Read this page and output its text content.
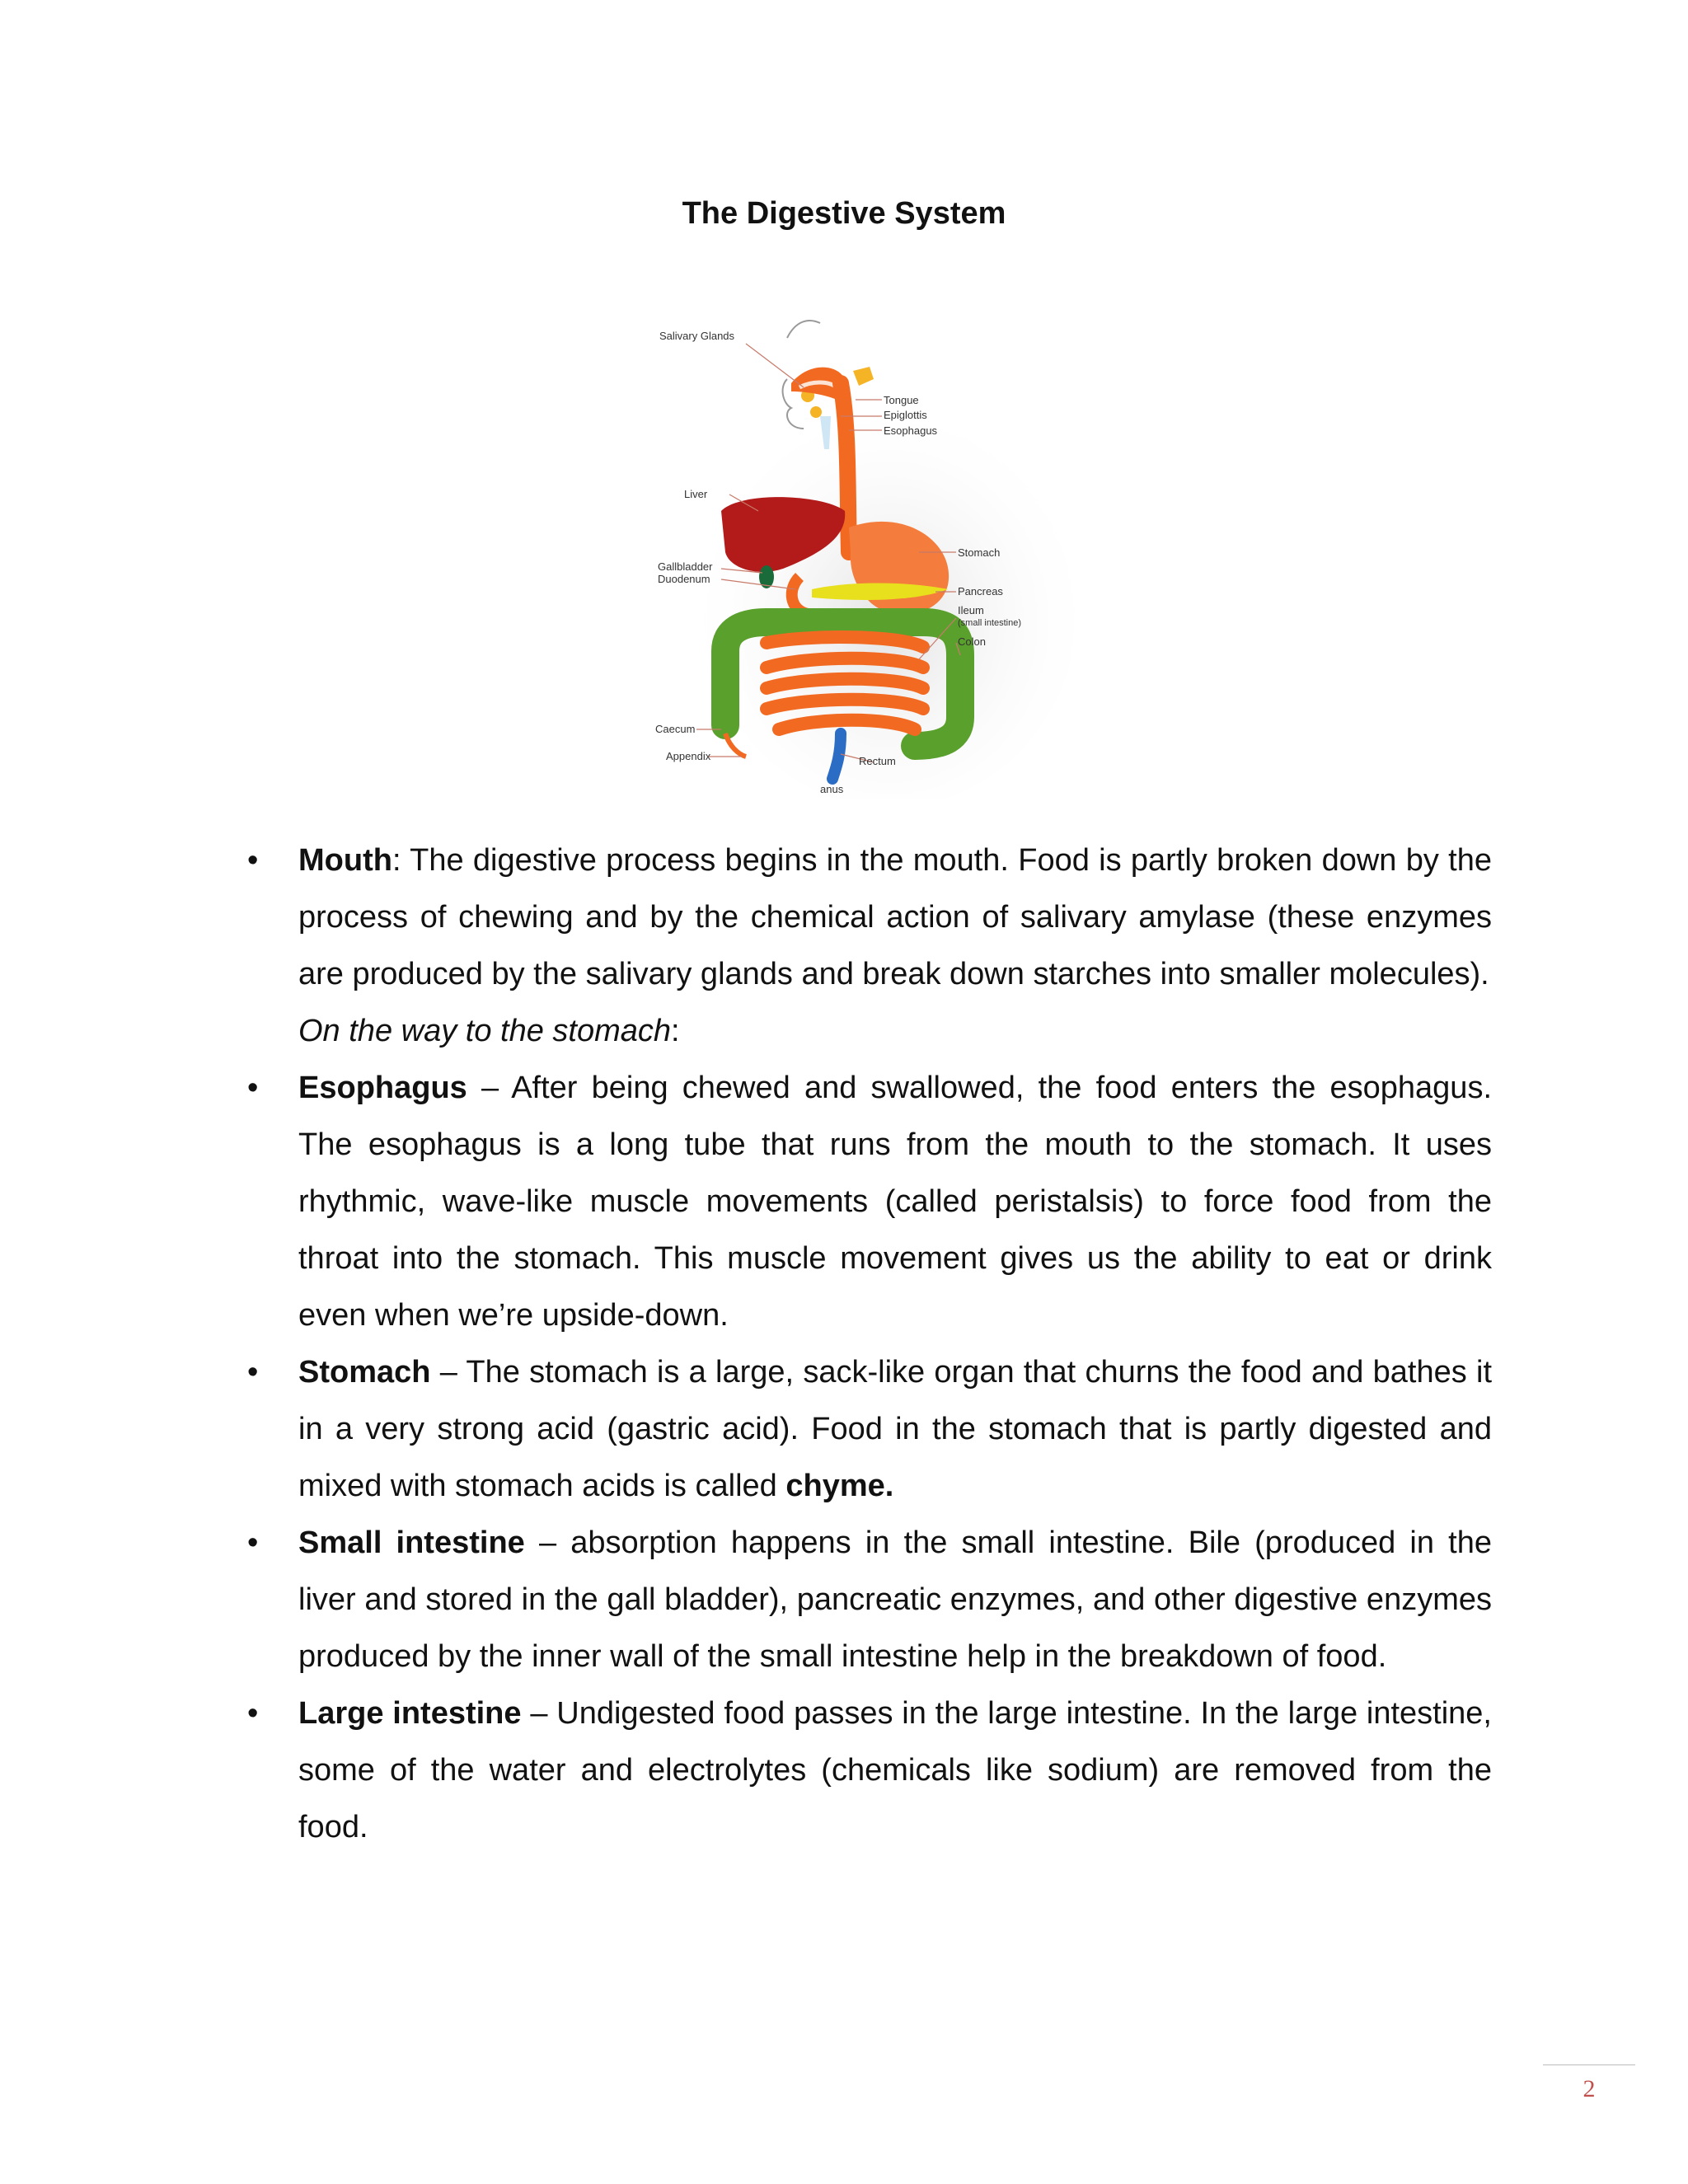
The Digestive System
Salivary Glands
Tongue
Epiglottis
Esophagus
Liver
Stomach
Gallbladder
Duodenum
Pancreas
Ileum
(small intestine)
Colon
Caecum
Appendix	Rectum
anus
• Mouth: The digestive process begins in the mouth. Food is partly broken down by the process of chewing and by the chemical action of salivary amylase (these enzymes are produced by the salivary glands and break down starches into smaller molecules).
On the way to the stomach:
• Esophagus – After being chewed and swallowed, the food enters the esophagus. The esophagus is a long tube that runs from the mouth to the stomach. It uses rhythmic, wave-like muscle movements (called peristalsis) to force food from the throat into the stomach. This muscle movement gives us the ability to eat or drink even when we’re upside-down.
• Stomach – The stomach is a large, sack-like organ that churns the food and bathes it in a very strong acid (gastric acid). Food in the stomach that is partly digested and mixed with stomach acids is called chyme.
• Small intestine – absorption happens in the small intestine. Bile (produced in the liver and stored in the gall bladder), pancreatic enzymes, and other digestive enzymes produced by the inner wall of the small intestine help in the breakdown of food.
• Large intestine – Undigested food passes in the large intestine. In the large intestine, some of the water and electrolytes (chemicals like sodium) are removed from the food.
2
